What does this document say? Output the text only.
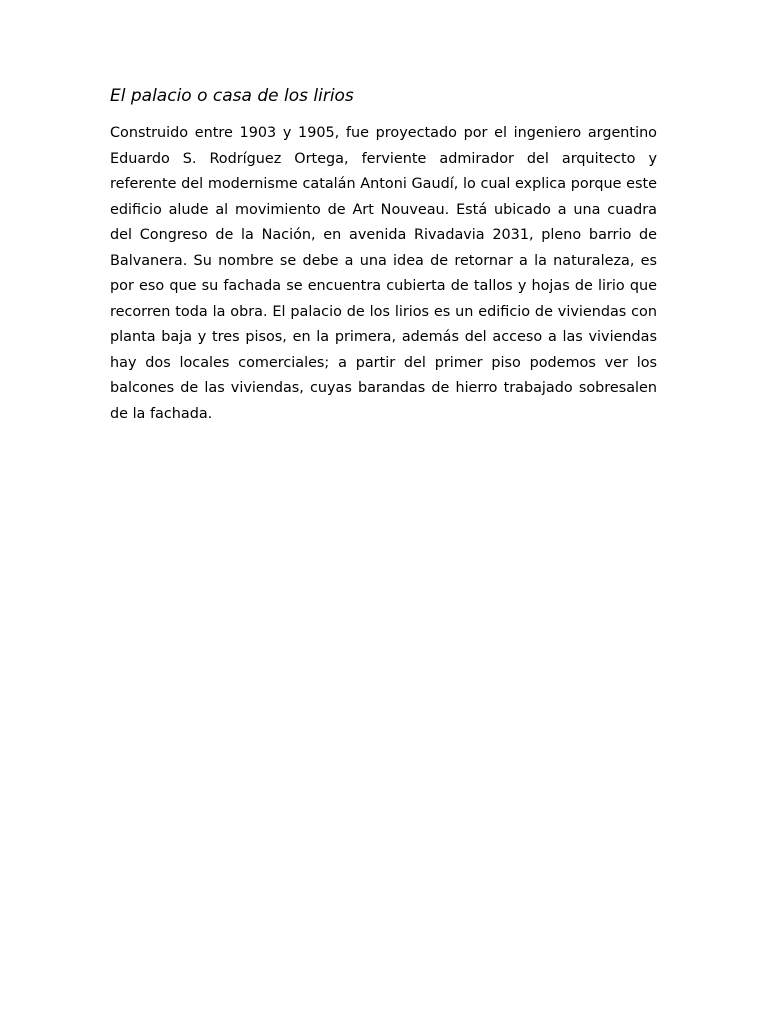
El palacio o casa de los lirios

Construido entre 1903 y 1905, fue proyectado por el ingeniero argentino Eduardo S. Rodríguez Ortega, ferviente admirador del arquitecto y referente del modernisme catalán Antoni Gaudí, lo cual explica porque este edificio alude al movimiento de Art Nouveau. Está ubicado a una cuadra del Congreso de la Nación, en avenida Rivadavia 2031, pleno barrio de Balvanera. Su nombre se debe a una idea de retornar a la naturaleza, es por eso que su fachada se encuentra cubierta de tallos y hojas de lirio que recorren toda la obra. El palacio de los lirios es un edificio de viviendas con planta baja y tres pisos, en la primera, además del acceso a las viviendas hay dos locales comerciales; a partir del primer piso podemos ver los balcones de las viviendas, cuyas barandas de hierro trabajado sobresalen de la fachada.
